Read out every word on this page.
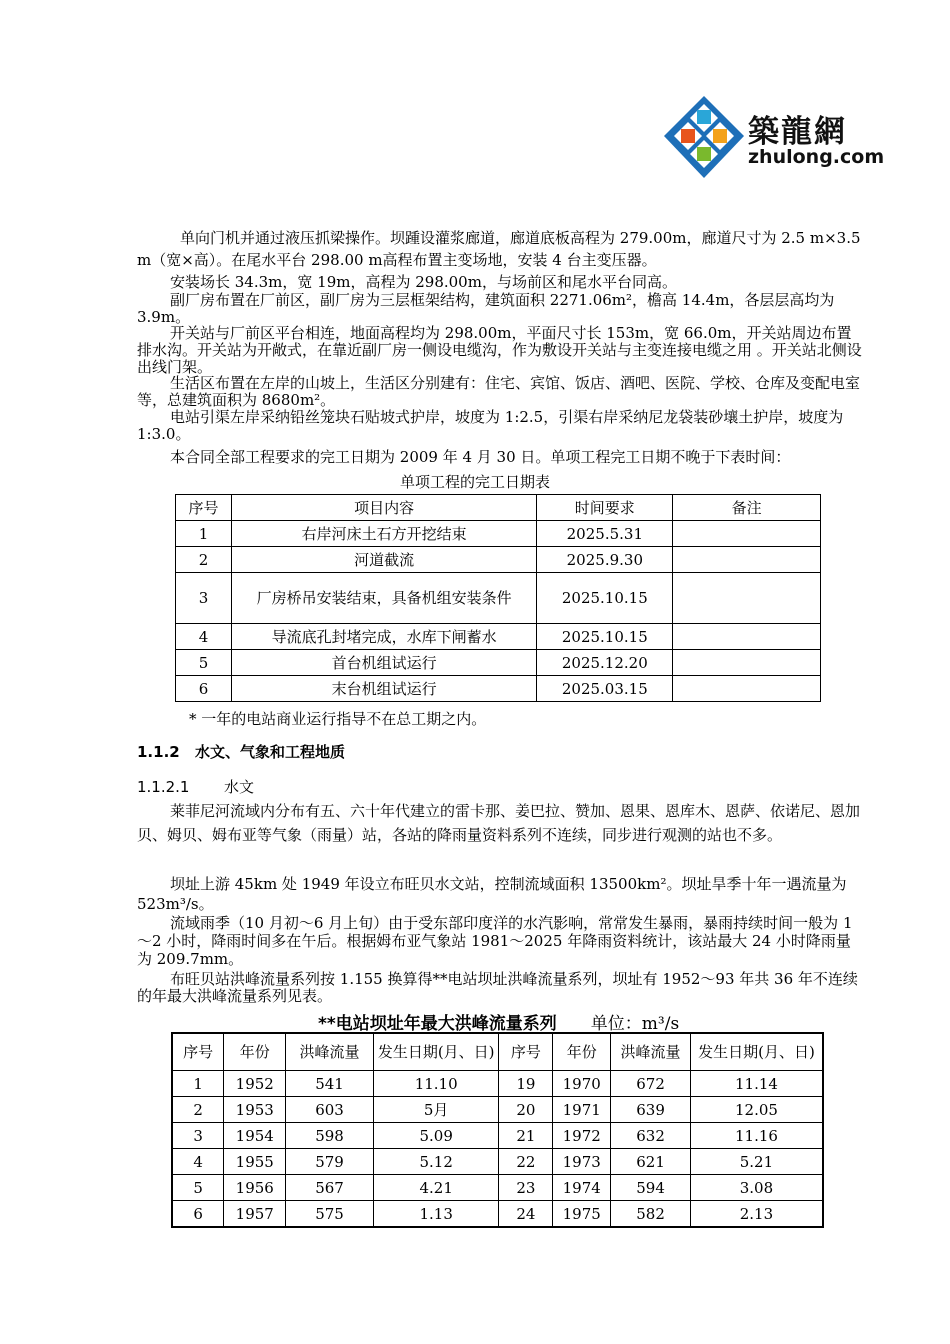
築龍網
zhulong.com
单向门机并通过液压抓梁操作。坝踵设灌浆廊道，廊道底板高程为 279.00m，廊道尺寸为 2.5 m×3.5 m（宽×高）。在尾水平台 298.00 m高程布置主变场地，安装 4 台主变压器。
安装场长 34.3m，宽 19m，高程为 298.00m，与场前区和尾水平台同高。
副厂房布置在厂前区，副厂房为三层框架结构，建筑面积 2271.06m²，檐高 14.4m，各层层高均为 3.9m。
开关站与厂前区平台相连，地面高程均为 298.00m，平面尺寸长 153m，宽 66.0m，开关站周边布置排水沟。开关站为开敞式，在靠近副厂房一侧设电缆沟，作为敷设开关站与主变连接电缆之用 。开关站北侧设出线门架。
生活区布置在左岸的山坡上，生活区分别建有：住宅、宾馆、饭店、酒吧、医院、学校、仓库及变配电室等，总建筑面积为 8680m²。
电站引渠左岸采纳铅丝笼块石贴坡式护岸，坡度为 1:2.5，引渠右岸采纳尼龙袋装砂壤土护岸，坡度为 1:3.0。
本合同全部工程要求的完工日期为 2009 年 4 月 30 日。单项工程完工日期不晚于下表时间：
单项工程的完工日期表
序号	项目内容	时间要求	备注
1	右岸河床土石方开挖结束	2025.5.31	
2	河道截流	2025.9.30	
3	厂房桥吊安装结束，具备机组安装条件	2025.10.15	
4	导流底孔封堵完成，水库下闸蓄水	2025.10.15	
5	首台机组试运行	2025.12.20	
6	末台机组试运行	2025.03.15	
* 一年的电站商业运行指导不在总工期之内。
1.1.2 水文、气象和工程地质
1.1.2.1 水文
莱菲尼河流域内分布有五、六十年代建立的雷卡那、姜巴拉、赞加、恩果、恩库木、恩萨、依诺尼、恩加贝、姆贝、姆布亚等气象（雨量）站，各站的降雨量资料系列不连续，同步进行观测的站也不多。
坝址上游 45km 处 1949 年设立布旺贝水文站，控制流域面积 13500km²。坝址旱季十年一遇流量为 523m³/s。
流域雨季（10 月初～6 月上旬）由于受东部印度洋的水汽影响，常常发生暴雨，暴雨持续时间一般为 1～2 小时，降雨时间多在午后。根据姆布亚气象站 1981～2025 年降雨资料统计，该站最大 24 小时降雨量为 209.7mm。
布旺贝站洪峰流量系列按 1.155 换算得**电站坝址洪峰流量系列，坝址有 1952～93 年共 36 年不连续的年最大洪峰流量系列见表。
**电站坝址年最大洪峰流量系列 单位：m³/s
序号	年份	洪峰流量	发生日期(月、日)	序号	年份	洪峰流量	发生日期(月、日)

1	1952	541	11.10	19	1970	672	11.14
2	1953	603	5月	20	1971	639	12.05
3	1954	598	5.09	21	1972	632	11.16
4	1955	579	5.12	22	1973	621	5.21
5	1956	567	4.21	23	1974	594	3.08
6	1957	575	1.13	24	1975	582	2.13
